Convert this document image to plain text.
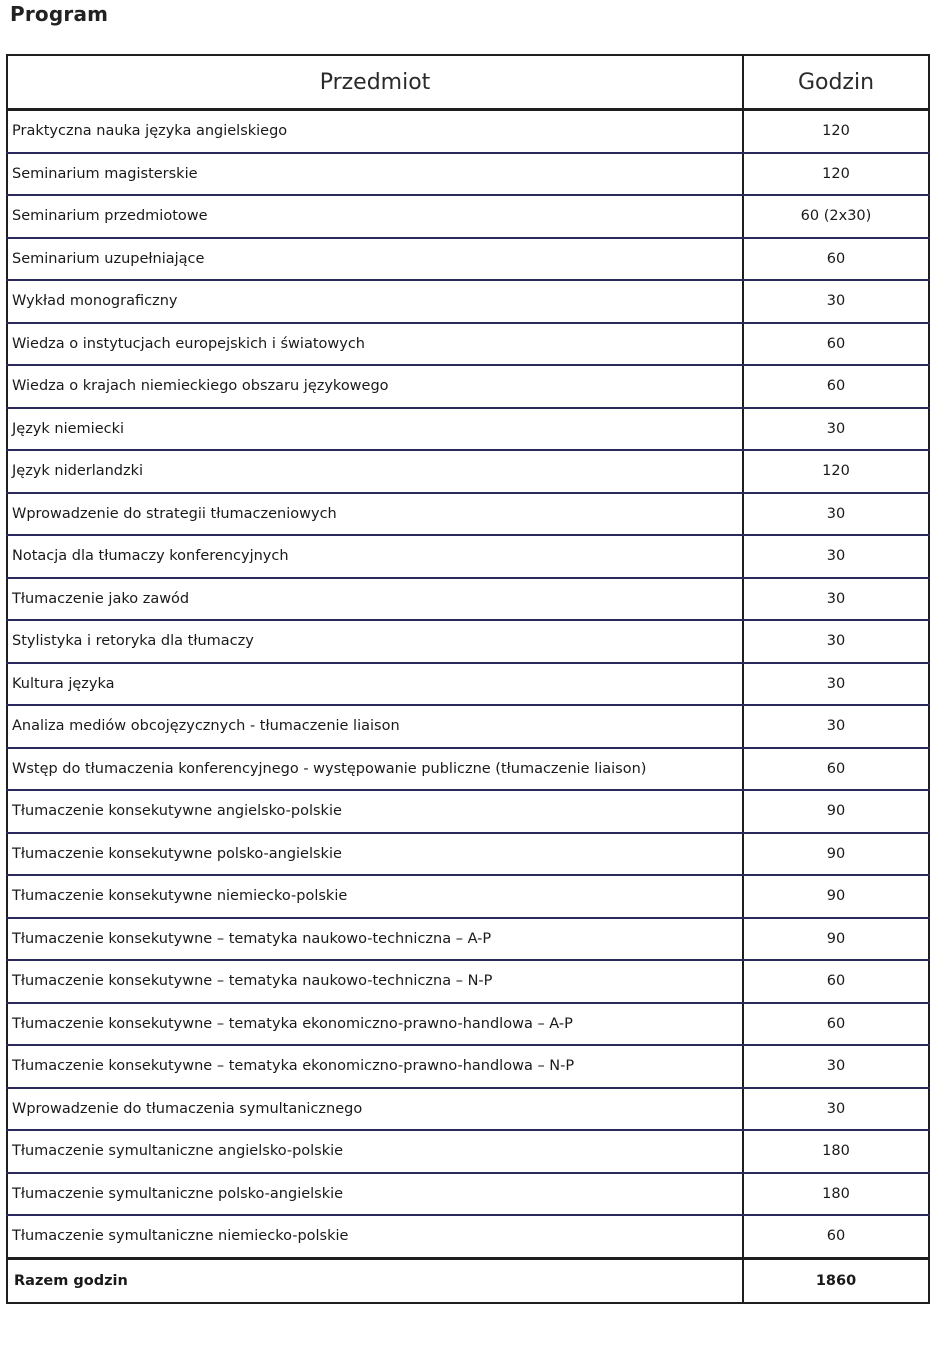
Program
Przedmiot	Godzin
Praktyczna nauka języka angielskiego	120
Seminarium magisterskie	120
Seminarium przedmiotowe	60 (2x30)
Seminarium uzupełniające	60
Wykład monograficzny	30
Wiedza o instytucjach europejskich i światowych	60
Wiedza o krajach niemieckiego obszaru językowego	60
Język niemiecki	30
Język niderlandzki	120
Wprowadzenie do strategii tłumaczeniowych	30
Notacja dla tłumaczy konferencyjnych	30
Tłumaczenie jako zawód	30
Stylistyka i retoryka dla tłumaczy	30
Kultura języka	30
Analiza mediów obcojęzycznych - tłumaczenie liaison	30
Wstęp do tłumaczenia konferencyjnego - występowanie publiczne (tłumaczenie liaison)	60
Tłumaczenie konsekutywne angielsko-polskie	90
Tłumaczenie konsekutywne polsko-angielskie	90
Tłumaczenie konsekutywne niemiecko-polskie	90
Tłumaczenie konsekutywne – tematyka naukowo-techniczna – A-P	90
Tłumaczenie konsekutywne – tematyka naukowo-techniczna – N-P	60
Tłumaczenie konsekutywne – tematyka ekonomiczno-prawno-handlowa – A-P	60
Tłumaczenie konsekutywne – tematyka ekonomiczno-prawno-handlowa – N-P	30
Wprowadzenie do tłumaczenia symultanicznego	30
Tłumaczenie symultaniczne angielsko-polskie	180
Tłumaczenie symultaniczne polsko-angielskie	180
Tłumaczenie symultaniczne niemiecko-polskie	60
Razem godzin	1860
